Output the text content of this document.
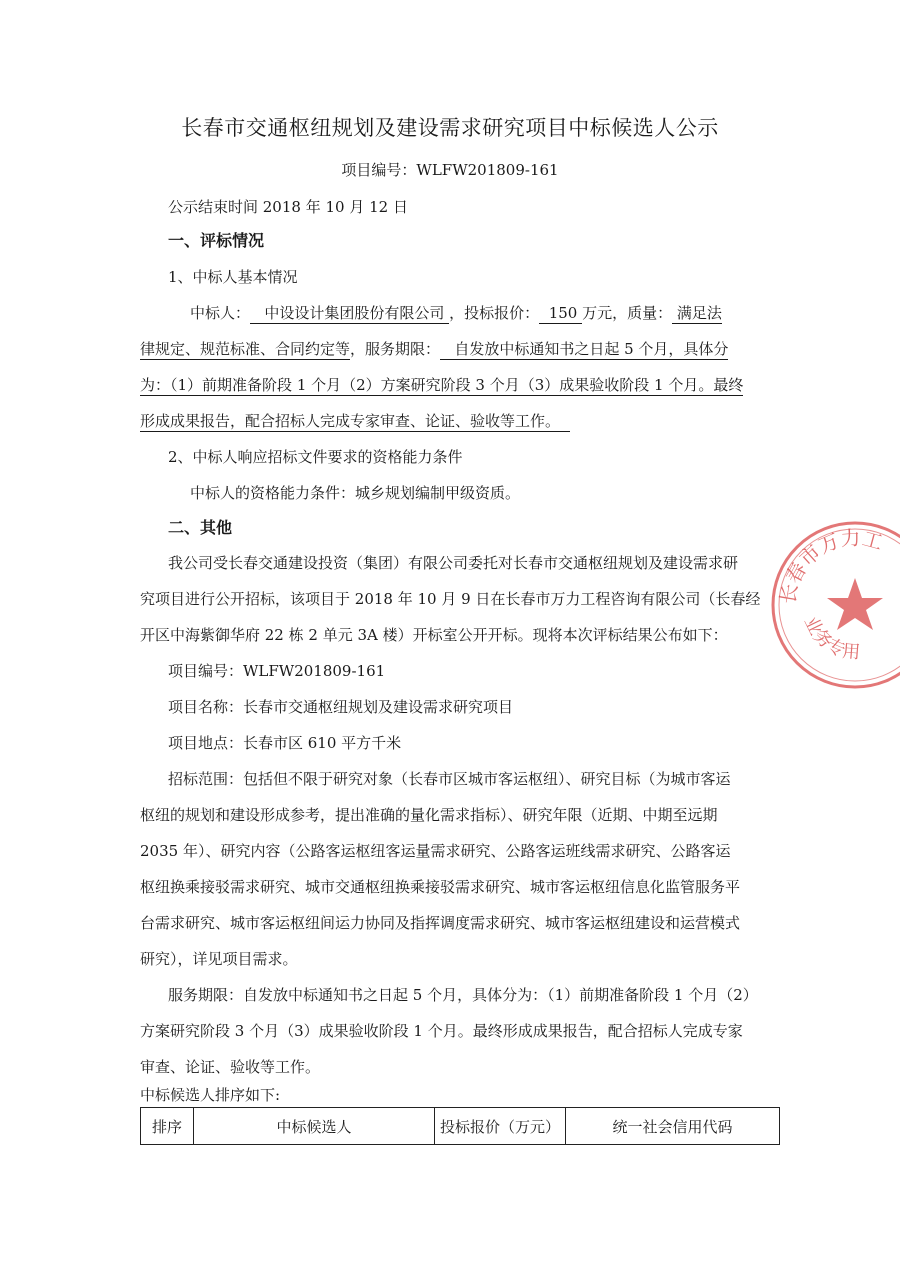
长春市交通枢纽规划及建设需求研究项目中标候选人公示
项目编号：WLFW201809-161
公示结束时间 2018 年 10 月 12 日
一、评标情况
1、中标人基本情况
中标人： 中设设计集团股份有限公司 ，投标报价： 150 万元，质量： 满足法
律规定、规范标准、合同约定等，服务期限： 自发放中标通知书之日起 5 个月，具体分
为：（1）前期准备阶段 1 个月（2）方案研究阶段 3 个月（3）成果验收阶段 1 个月。最终
形成成果报告，配合招标人完成专家审查、论证、验收等工作。
2、中标人响应招标文件要求的资格能力条件
中标人的资格能力条件：城乡规划编制甲级资质。
二、其他
我公司受长春交通建设投资（集团）有限公司委托对长春市交通枢纽规划及建设需求研
究项目进行公开招标，该项目于 2018 年 10 月 9 日在长春市万力工程咨询有限公司（长春经
开区中海紫御华府 22 栋 2 单元 3A 楼）开标室公开开标。现将本次评标结果公布如下：
项目编号：WLFW201809-161
项目名称：长春市交通枢纽规划及建设需求研究项目
项目地点：长春市区 610 平方千米
招标范围：包括但不限于研究对象（长春市区城市客运枢纽）、研究目标（为城市客运
枢纽的规划和建设形成参考，提出准确的量化需求指标）、研究年限（近期、中期至远期
2035 年）、研究内容（公路客运枢纽客运量需求研究、公路客运班线需求研究、公路客运
枢纽换乘接驳需求研究、城市交通枢纽换乘接驳需求研究、城市客运枢纽信息化监管服务平
台需求研究、城市客运枢纽间运力协同及指挥调度需求研究、城市客运枢纽建设和运营模式
研究），详见项目需求。
服务期限：自发放中标通知书之日起 5 个月，具体分为：（1）前期准备阶段 1 个月（2）
方案研究阶段 3 个月（3）成果验收阶段 1 个月。最终形成成果报告，配合招标人完成专家
审查、论证、验收等工作。
中标候选人排序如下:
排序	中标候选人	投标报价（万元）	统一社会信用代码
长春市万力工
业务专用
